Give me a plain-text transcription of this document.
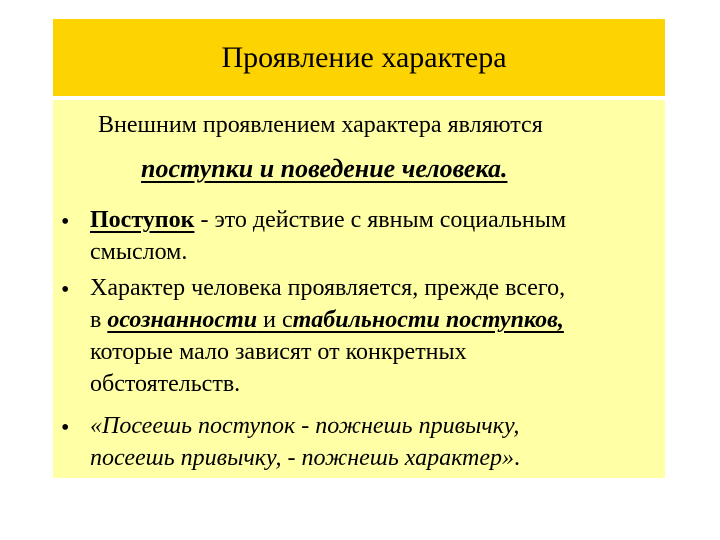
Проявление характера
Внешним проявлением характера являются
поступки и поведение человека.
• Поступок - это действие с явным социальным
смыслом.
• Характер человека проявляется, прежде всего,
в осознанности и стабильности поступков,
которые мало зависят от конкретных
обстоятельств.
• «Посеешь поступок - пожнешь привычку,
посеешь привычку, - пожнешь характер».
